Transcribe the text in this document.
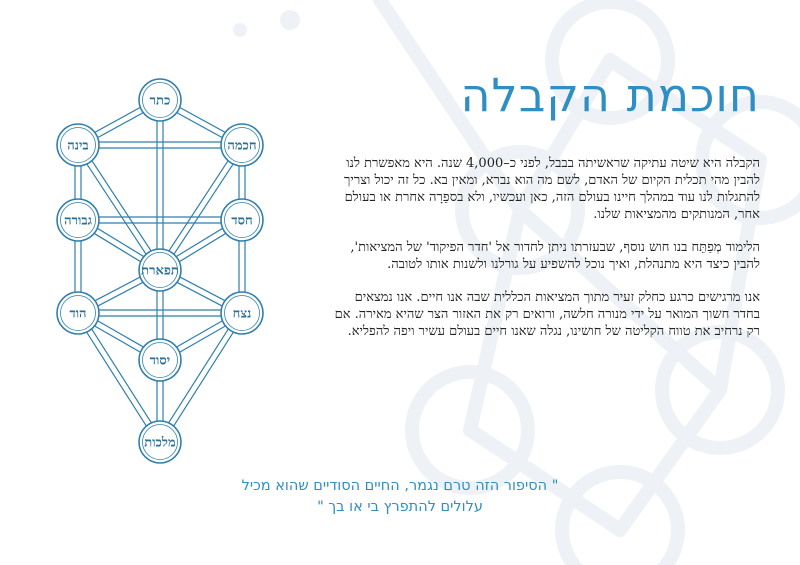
כתר
בינה	חכמה
גבורה	חסד
תפארת
הוד	נצח
יסוד
מלכות
חוכמת הקבלה

הקבלה היא שיטה עתיקה שראשיתה בבבל, לפני כ–4,000 שנה. היא מאפשרת לנו להבין מהי תכלית הקיום של האדם, לשם מה הוא נברא, ומאין בא. כל זה יכול וצריך להתגלות לנו עוד במהלך חיינו בעולם הזה, כאן ועכשיו, ולא בספֵרָה אחרת או בעולם אחר, המנותקים מהמציאות שלנו.

הלימוד מְפַתֵּח בנו חוש נוסף, שבעזרתו ניתן לחדור אל 'חדר הפיקוד' של המציאות', להבין כיצד היא מתנהלת, ואיך נוכל להשפיע על גורלנו ולשנות אותו לטובה.

אנו מרגישים כרגע כחלק זעיר מתוך המציאות הכללית שבה אנו חיים. אנו נמצאים בחדר חשוך המואר על ידי מנורה חלשה, ורואים רק את האזור הצר שהיא מאירה. אם רק נרחיב את טווח הקליטה של חושינו, נגלה שאנו חיים בעולם עשיר ויפה להפליא.

" הסיפור הזה טרם נגמר, החיים הסודיים שהוא מכיל
עלולים להתפרץ בי או בך "
